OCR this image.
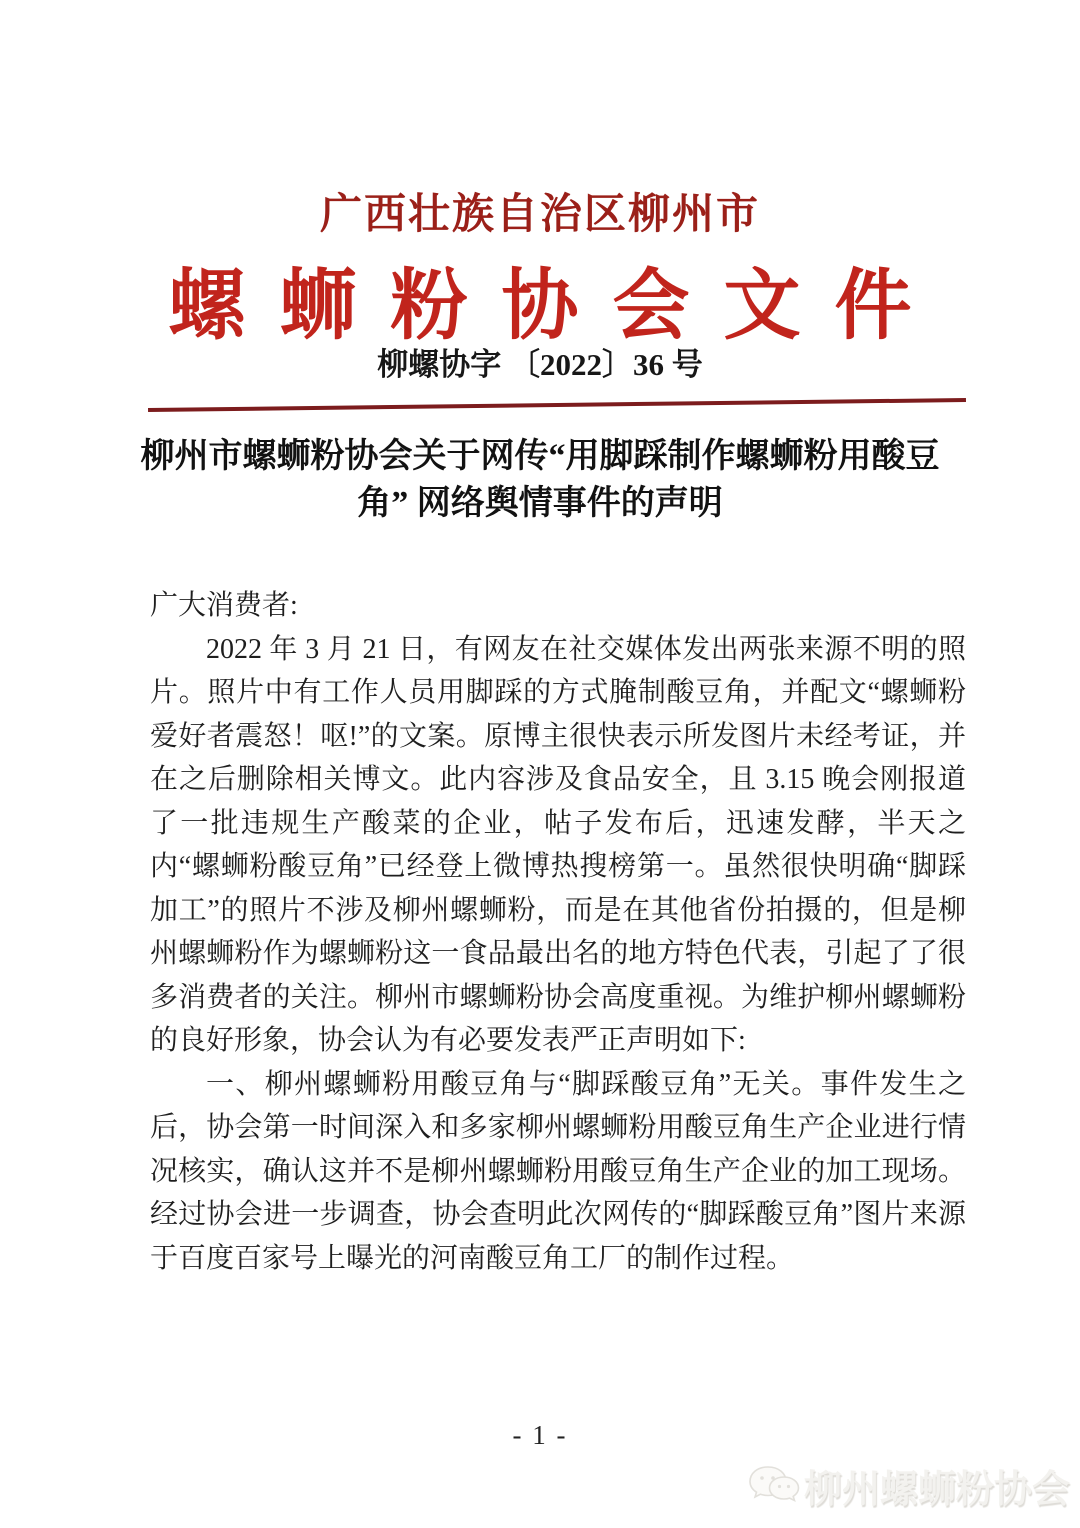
广西壮族自治区柳州市
螺蛳粉协会文件
柳螺协字 〔2022〕36 号
柳州市螺蛳粉协会关于网传“用脚踩制作螺蛳粉用酸豆
角” 网络舆情事件的声明

广大消费者:

2022 年 3 月 21 日，有网友在社交媒体发出两张来源不明的照片。照片中有工作人员用脚踩的方式腌制酸豆角，并配文“螺蛳粉爱好者震怒！呕!”的文案。原博主很快表示所发图片未经考证，并在之后删除相关博文。此内容涉及食品安全，且 3.15 晚会刚报道了一批违规生产酸菜的企业，帖子发布后，迅速发酵，半天之内“螺蛳粉酸豆角”已经登上微博热搜榜第一。虽然很快明确“脚踩加工”的照片不涉及柳州螺蛳粉，而是在其他省份拍摄的，但是柳州螺蛳粉作为螺蛳粉这一食品最出名的地方特色代表，引起了了很多消费者的关注。柳州市螺蛳粉协会高度重视。为维护柳州螺蛳粉的良好形象，协会认为有必要发表严正声明如下:

一、柳州螺蛳粉用酸豆角与“脚踩酸豆角”无关。事件发生之后，协会第一时间深入和多家柳州螺蛳粉用酸豆角生产企业进行情况核实，确认这并不是柳州螺蛳粉用酸豆角生产企业的加工现场。经过协会进一步调查，协会查明此次网传的“脚踩酸豆角”图片来源于百度百家号上曝光的河南酸豆角工厂的制作过程。

- 1 -
柳州螺蛳粉协会
